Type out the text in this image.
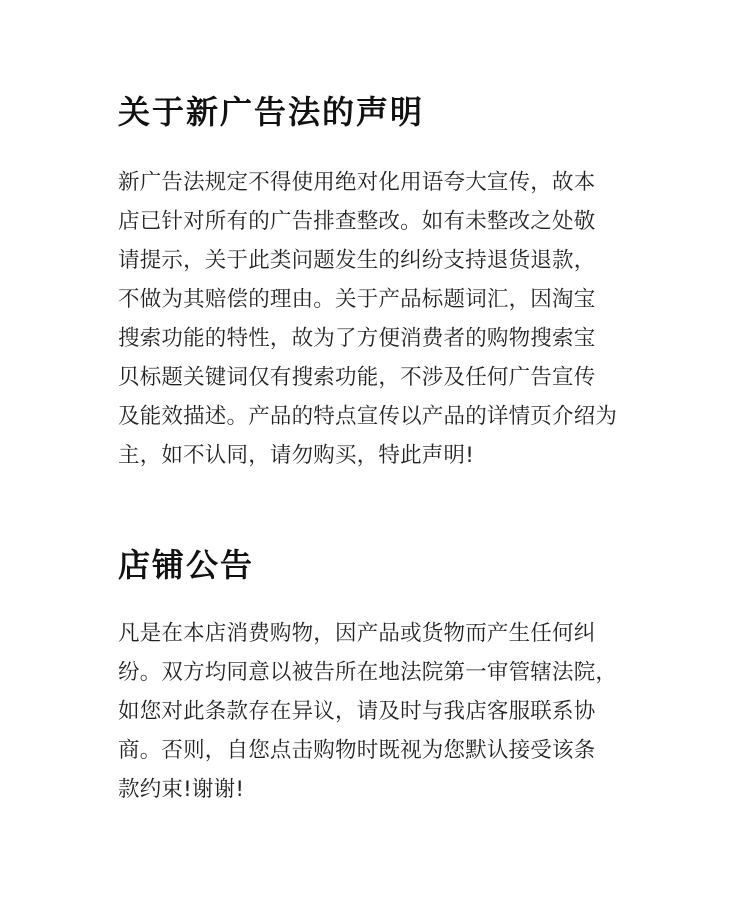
关于新广告法的声明

新广告法规定不得使用绝对化用语夸大宣传，故本
店已针对所有的广告排查整改。如有未整改之处敬
请提示，关于此类问题发生的纠纷支持退货退款，
不做为其赔偿的理由。关于产品标题词汇，因淘宝
搜索功能的特性，故为了方便消费者的购物搜索宝
贝标题关键词仅有搜索功能，不涉及任何广告宣传
及能效描述。产品的特点宣传以产品的详情页介绍为
主，如不认同，请勿购买，特此声明!

店铺公告

凡是在本店消费购物，因产品或货物而产生任何纠
纷。双方均同意以被告所在地法院第一审管辖法院，
如您对此条款存在异议，请及时与我店客服联系协
商。否则，自您点击购物时既视为您默认接受该条
款约束!谢谢!
